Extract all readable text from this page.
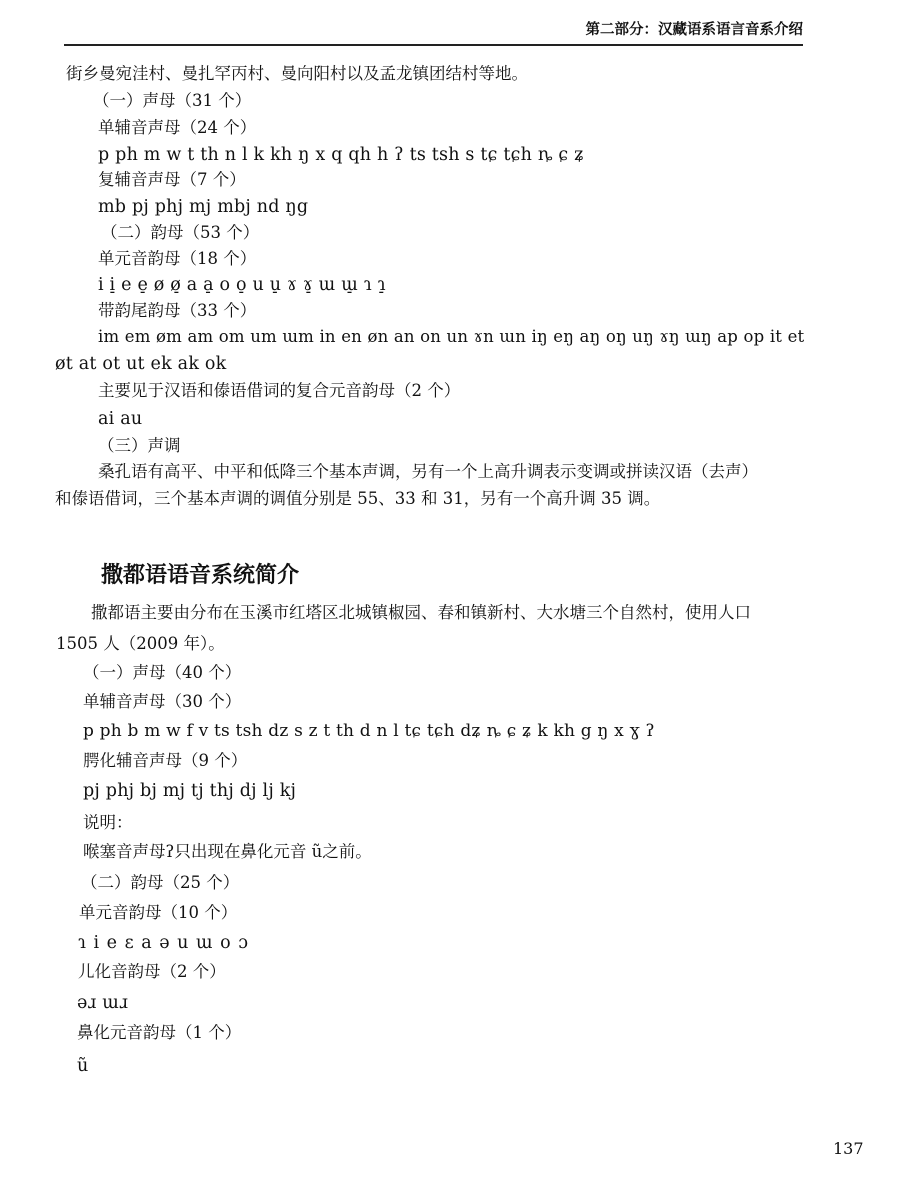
第二部分：汉藏语系语言音系介绍
街乡曼宛洼村、曼扎罕丙村、曼向阳村以及孟龙镇团结村等地。
（一）声母（31 个）
单辅音声母（24 个）
p ph m w t th n l k kh ŋ x q qh h ʔ ts tsh s tɕ tɕh ȵ ɕ ʑ
复辅音声母（7 个）
mb pj phj mj mbj nd ŋg
（二）韵母（53 个）
单元音韵母（18 个）
i i̠ e e̠ ø ø̠ a a̠ o o̠ u u̠ ɤ ɤ̠ ɯ ɯ̠ ɿ ɿ̠
带韵尾韵母（33 个）
im em øm am om um ɯm in en øn an on un ɤn ɯn iŋ eŋ aŋ oŋ uŋ ɤŋ ɯŋ ap op it et
øt at ot ut ek ak ok
主要见于汉语和傣语借词的复合元音韵母（2 个）
ai au
（三）声调
桑孔语有高平、中平和低降三个基本声调，另有一个上高升调表示变调或拼读汉语（去声）
和傣语借词，三个基本声调的调值分别是 55、33 和 31，另有一个高升调 35 调。
撒都语语音系统简介
撒都语主要由分布在玉溪市红塔区北城镇椒园、春和镇新村、大水塘三个自然村，使用人口
1505 人（2009 年）。
（一）声母（40 个）
单辅音声母（30 个）
p ph b m w f v ts tsh dz s z t th d n l tɕ tɕh dʑ ȵ ɕ ʑ k kh g ŋ x ɣ ʔ
腭化辅音声母（9 个）
pj phj bj mj tj thj dj lj kj
说明：
喉塞音声母ʔ只出现在鼻化元音 ũ之前。
（二）韵母（25 个）
单元音韵母（10 个）
ɿ i e ɛ a ə u ɯ o ɔ
儿化音韵母（2 个）
əɹ ɯɹ
鼻化元音韵母（1 个）
ũ
137
